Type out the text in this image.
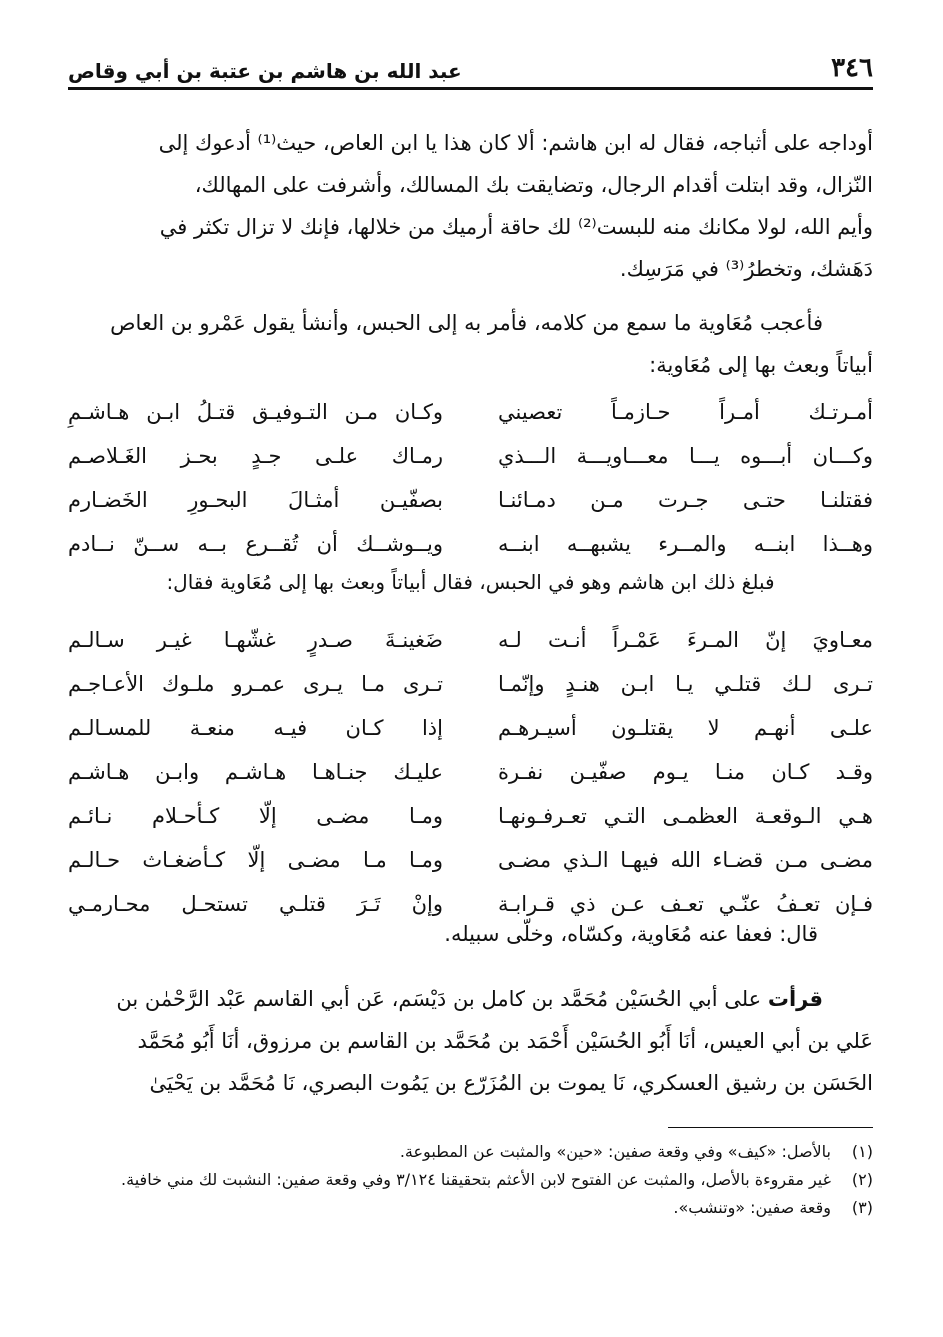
٣٤٦
عبد الله بن هاشم بن عتبة بن أبي وقاص
أوداجه على أثباجه، فقال له ابن هاشم: ألا كان هذا يا ابن العاص، حيث⁽¹⁾ أدعوك إلى
النّزال، وقد ابتلت أقدام الرجال، وتضايقت بك المسالك، وأشرفت على المهالك،
وأيم الله، لولا مكانك منه للبست⁽²⁾ لك حاقة أرميك من خلالها، فإنك لا تزال تكثر في
دَهَشك، وتخطرُ⁽³⁾ في مَرَسِك.
فأعجب مُعَاوية ما سمع من كلامه، فأمر به إلى الحبس، وأنشأ يقول عَمْرو بن العاص
أبياتاً وبعث بها إلى مُعَاوية:
أمـرتـك أمـراً حـازمـاً تعصيني
وكـان مـن التـوفيـق قتـلُ ابـن هـاشـمِ
وكـــان أبـــوه يـــا معـــاويـــة الـــذي
رمـاك علـى جـدٍ بحـز الغَـلاصـم
فقتلنـا حتـى جـرت مـن دمـائنـا
بصفّيـن أمثـالَ البحـورِ الخَضـارم
وهــذا ابنــه والمــرء يشبهــه ابنــه
ويــوشــك أن تُقــرع بــه ســنّ نــادم
فبلغ ذلك ابن هاشم وهو في الحبس، فقال أبياتاً وبعث بها إلى مُعَاوية فقال:
معـاويَ إنّ المـرءَ عَمْـراً أنـت لـه
ضَغينـةَ صـدرٍ غشّهـا غيـر سـالـم
تـرى لـك قتلـي يـا ابـن هنـدٍ وإنّمـا
تـرى مـا يـرى عمـرو ملـوك الأعـاجـم
علـى أنهـم لا يقتلـون أسيـرهـم
إذا كـان فيـه منعـة للمسـالـم
وقـد كـان منـا يـوم صفّيـن نفـرة
عليـك جنـاهـا هـاشـم وابـن هـاشـم
هـي الـوقعـة العظمـى التـي تعـرفـونهـا
ومـا مضـى إلّا كـأحـلام نـائـم
مضـى مـن قضـاء الله فيهـا الـذي مضـى
ومـا مـا مضـى إلّا كـأضغـاث حـالـم
فـإن تعـفُ عنّـي تعـف عـن ذي قـرابـة
وإنْ تَـرَ قتلـي تستحـل محـارمـي
قال: فعفا عنه مُعَاوية، وكسّاه، وخلّى سبيله.
قرأت على أبي الحُسَيْن مُحَمَّد بن كامل بن دَيْسَم، عَن أبي القاسم عَبْد الرَّحْمٰن بن
عَلي بن أبي العيس، أنَا أَبُو الحُسَيْن أَحْمَد بن مُحَمَّد بن القاسم بن مرزوق، أنَا أَبُو مُحَمَّد
الحَسَن بن رشيق العسكري، نَا يموت بن المُزَرّع بن يَمُوت البصري، نَا مُحَمَّد بن يَحْيَىٰ
(١)
بالأصل: «كيف» وفي وقعة صفين: «حين» والمثبت عن المطبوعة.
(٢)
غير مقروءة بالأصل، والمثبت عن الفتوح لابن الأعثم بتحقيقنا ٣/١٢٤ وفي وقعة صفين: النشبت لك مني خافية.
(٣)
وقعة صفين: «وتنشب».
